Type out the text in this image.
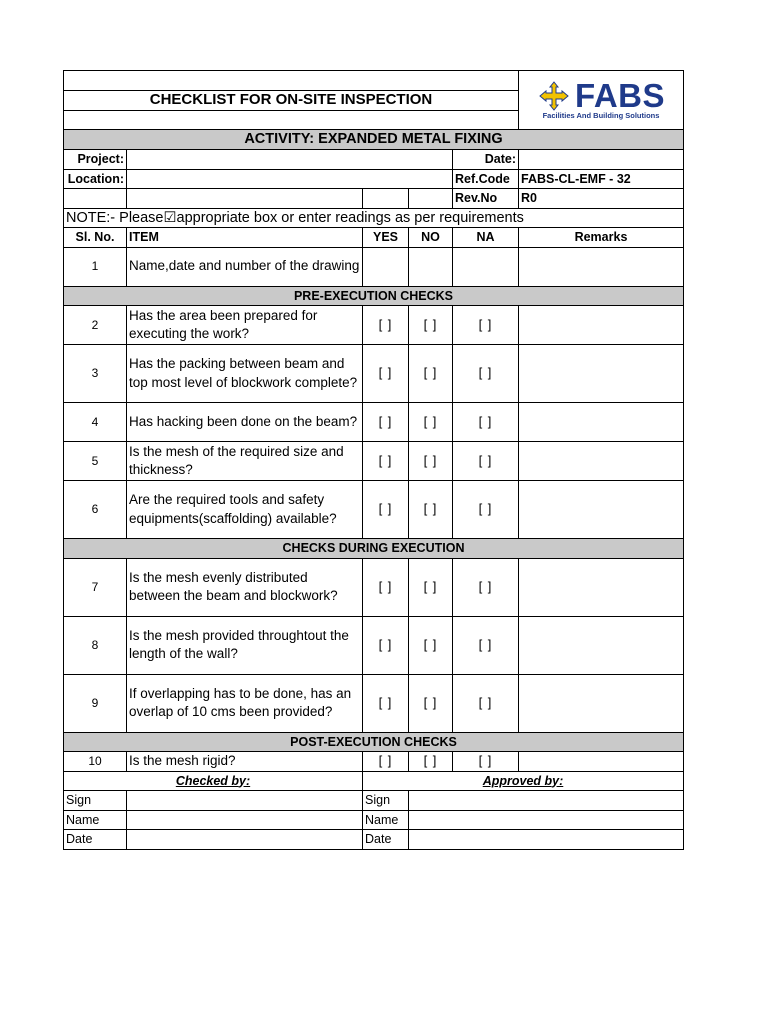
					FABS
Facilities And Building Solutions

CHECKLIST FOR ON-SITE INSPECTION					

ACTIVITY: EXPANDED METAL FIXING					
Project:				Date:	
Location:				Ref.Code	FABS-CL-EMF - 32
				Rev.No	R0
NOTE:- Please☑appropriate box or enter readings as per requirements					
Sl. No.	ITEM	YES	NO	NA	Remarks
1	Name,date and number of the drawing				
PRE-EXECUTION CHECKS					
2	Has the area been prepared for executing the work?	[ ]	[ ]	[ ]	
3	Has the packing between beam and top most level of blockwork complete?	[ ]	[ ]	[ ]	
4	Has hacking been done on the beam?	[ ]	[ ]	[ ]	
5	Is the mesh of the required size and thickness?	[ ]	[ ]	[ ]	
6	Are the required tools and safety equipments(scaffolding) available?	[ ]	[ ]	[ ]	
CHECKS DURING EXECUTION					
7	Is the mesh evenly distributed between the beam and blockwork?	[ ]	[ ]	[ ]	
8	Is the mesh provided throughtout the length of the wall?	[ ]	[ ]	[ ]	
9	If overlapping has to be done, has an overlap of 10 cms been provided?	[ ]	[ ]	[ ]	
POST-EXECUTION CHECKS					
10	Is the mesh rigid?	[ ]	[ ]	[ ]	
Checked by:		Approved by:			
Sign		Sign			
Name		Name			
Date		Date			
